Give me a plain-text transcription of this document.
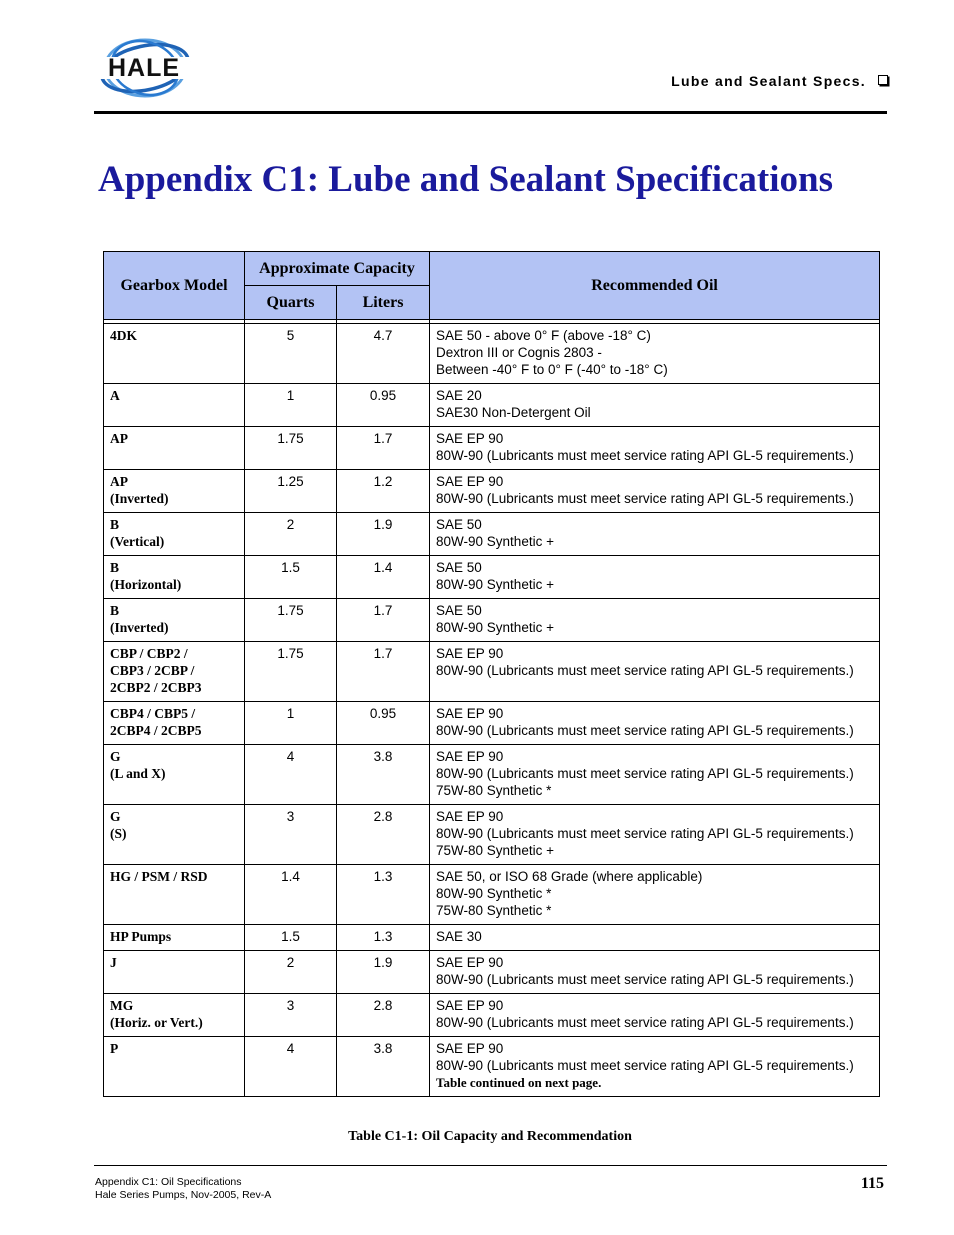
HALE	Lube and Sealant Specs.
Appendix C1: Lube and Sealant Specifications
Gearbox Model	Approximate Capacity		Recommended Oil
	Quarts	Liters	

4DK	5	4.7	SAE 50 - above 0° F (above -18° C)
Dextron III or Cognis 2803 -
Between -40° F to 0° F (-40° to -18° C)

A	1	0.95	SAE 20
SAE30 Non-Detergent Oil

AP	1.75	1.7	SAE EP 90
80W-90 (Lubricants must meet service rating API GL-5 requirements.)

AP
(Inverted)	1.25	1.2	SAE EP 90
80W-90 (Lubricants must meet service rating API GL-5 requirements.)

B
(Vertical)	2	1.9	SAE 50
80W-90 Synthetic +

B
(Horizontal)	1.5	1.4	SAE 50
80W-90 Synthetic +

B
(Inverted)	1.75	1.7	SAE 50
80W-90 Synthetic +

CBP / CBP2 /
CBP3 / 2CBP /
2CBP2 / 2CBP3	1.75	1.7	SAE EP 90
80W-90 (Lubricants must meet service rating API GL-5 requirements.)

CBP4 / CBP5 /
2CBP4 / 2CBP5	1	0.95	SAE EP 90
80W-90 (Lubricants must meet service rating API GL-5 requirements.)

G
(L and X)	4	3.8	SAE EP 90
80W-90 (Lubricants must meet service rating API GL-5 requirements.)
75W-80 Synthetic *

G
(S)	3	2.8	SAE EP 90
80W-90 (Lubricants must meet service rating API GL-5 requirements.)
75W-80 Synthetic +

HG / PSM / RSD	1.4	1.3	SAE 50, or ISO 68 Grade (where applicable)
80W-90 Synthetic *
75W-80 Synthetic *

HP Pumps	1.5	1.3	SAE 30

J	2	1.9	SAE EP 90
80W-90 (Lubricants must meet service rating API GL-5 requirements.)

MG
(Horiz. or Vert.)	3	2.8	SAE EP 90
80W-90 (Lubricants must meet service rating API GL-5 requirements.)

P	4	3.8	SAE EP 90
80W-90 (Lubricants must meet service rating API GL-5 requirements.)
Table continued on next page.
Table C1-1: Oil Capacity and Recommendation
Appendix C1: Oil Specifications
Hale Series Pumps, Nov-2005, Rev-A
115
